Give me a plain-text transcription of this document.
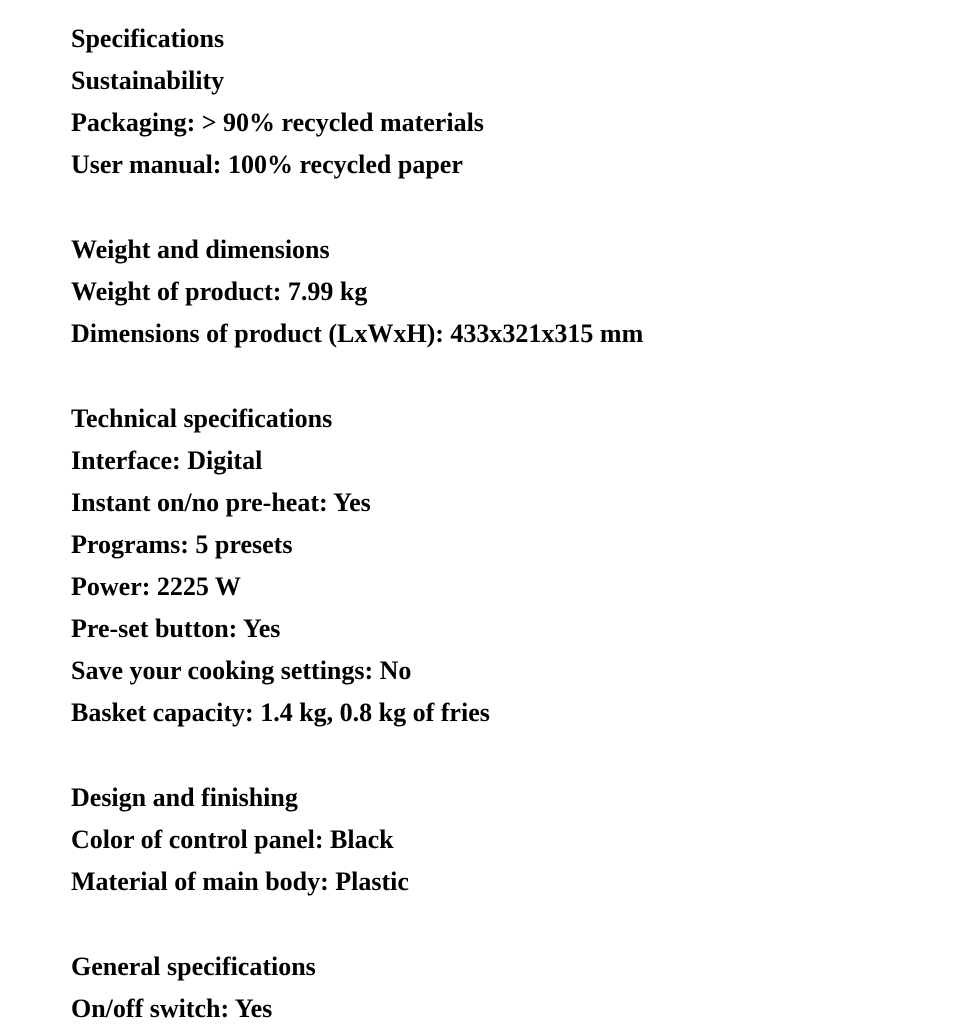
Specifications
Sustainability
Packaging: > 90% recycled materials
User manual: 100% recycled paper
Weight and dimensions
Weight of product: 7.99 kg
Dimensions of product (LxWxH): 433x321x315 mm
Technical specifications
Interface: Digital
Instant on/no pre-heat: Yes
Programs: 5 presets
Power: 2225 W
Pre-set button: Yes
Save your cooking settings: No
Basket capacity: 1.4 kg, 0.8 kg of fries
Design and finishing
Color of control panel: Black
Material of main body: Plastic
General specifications
On/off switch: Yes
